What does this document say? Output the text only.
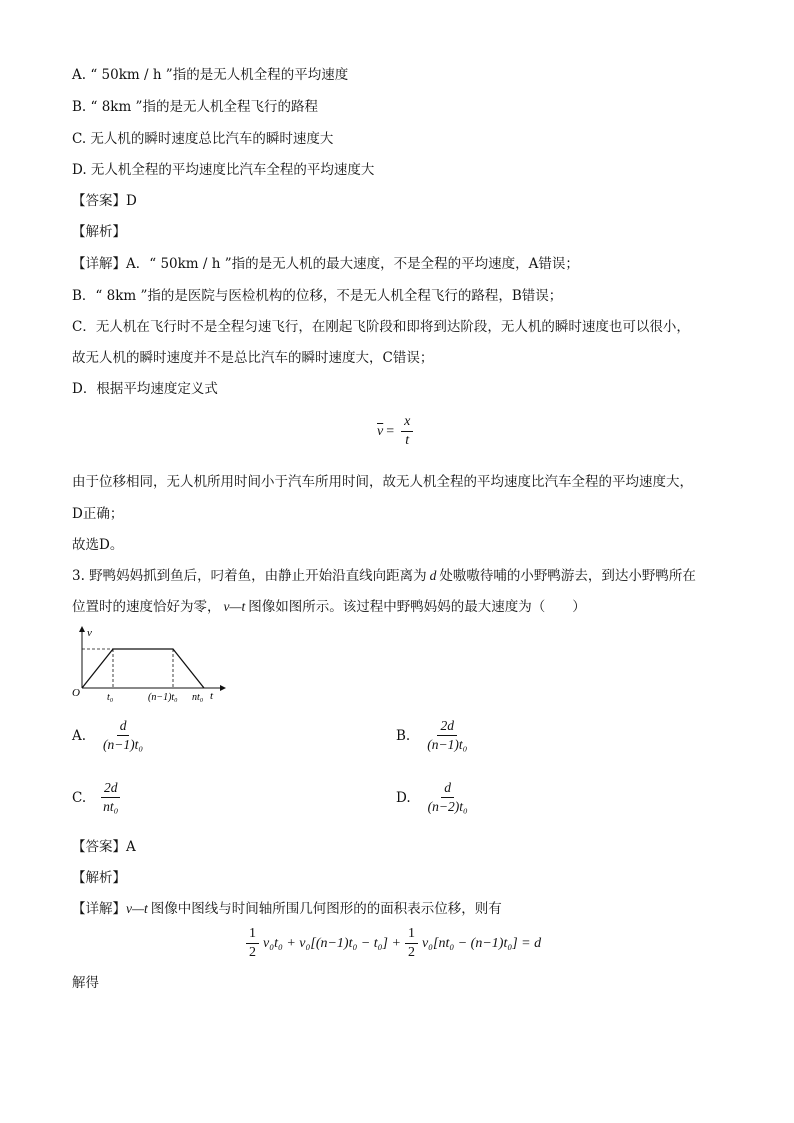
A. “ 50km / h ”指的是无人机全程的平均速度
B. “ 8km ”指的是无人机全程飞行的路程
C. 无人机的瞬时速度总比汽车的瞬时速度大
D. 无人机全程的平均速度比汽车全程的平均速度大
【答案】D
【解析】
【详解】A．“ 50km / h ”指的是无人机的最大速度，不是全程的平均速度，A错误；
B．“ 8km ”指的是医院与医检机构的位移，不是无人机全程飞行的路程，B错误；
C．无人机在飞行时不是全程匀速飞行，在刚起飞阶段和即将到达阶段，无人机的瞬时速度也可以很小，
故无人机的瞬时速度并不是总比汽车的瞬时速度大，C错误；
D．根据平均速度定义式
$\overline{v} = \frac{x}{t}$
由于位移相同，无人机所用时间小于汽车所用时间，故无人机全程的平均速度比汽车全程的平均速度大，
D正确；
故选D。
3. 野鸭妈妈抓到鱼后，叼着鱼，由静止开始沿直线向距离为 d 处嗷嗷待哺的小野鸭游去，到达小野鸭所在
位置时的速度恰好为零， v—t 图像如图所示。该过程中野鸭妈妈的最大速度为（　　）
v
t
O	t₀	(n−1)t₀ nt₀
A. $\frac{d}{\text{(n−1)t₀}}$	B. $\frac{2d}{\text{(n−1)t₀}}$
C. $\frac{2d}{\text{nt₀}}$	D. $\frac{d}{\text{(n−2)t₀}}$
【答案】A
【解析】
【详解】v—t 图像中图线与时间轴所围几何图形的的面积表示位移，则有
$\frac{1}{2} v_0t_0 + v_0[(n-1)t_0 - t_0] + \frac{1}{2} v_0[nt_0 - (n-1)t_0] = d$
解得
